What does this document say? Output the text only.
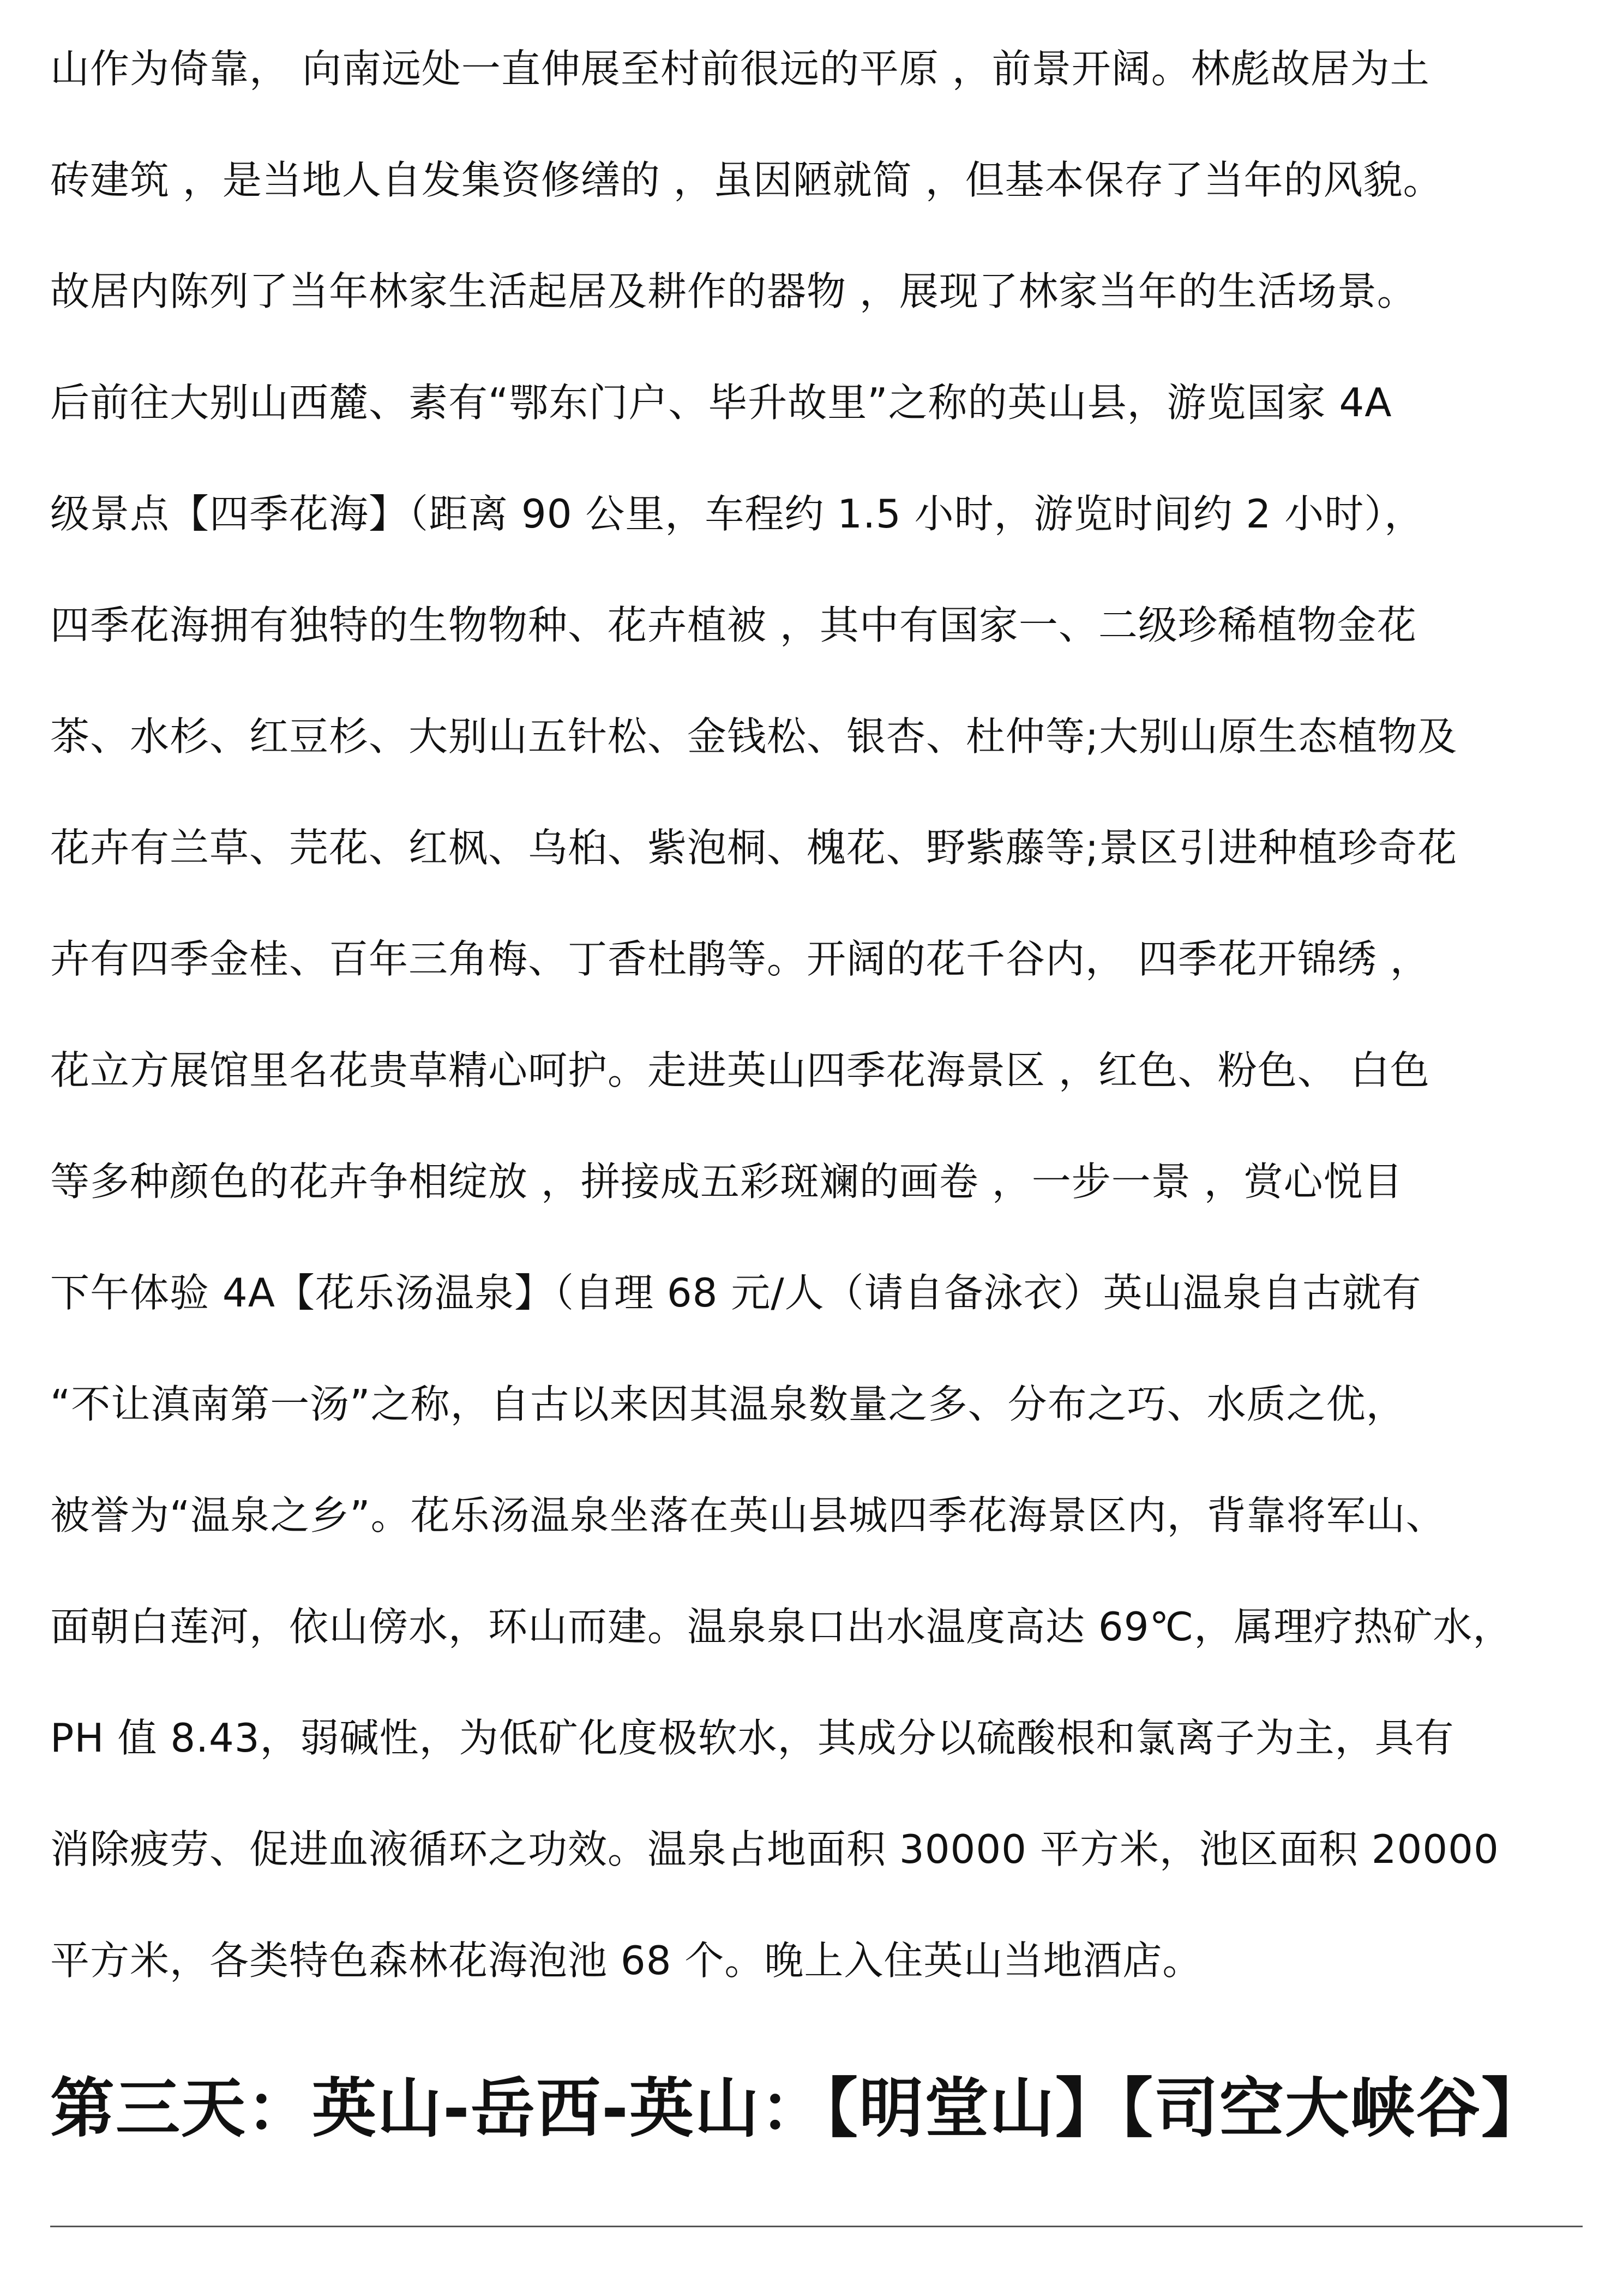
山作为倚靠， 向南远处一直伸展至村前很远的平原 ，前景开阔。林彪故居为土
砖建筑 ，是当地人自发集资修缮的 ，虽因陋就简 ，但基本保存了当年的风貌。
故居内陈列了当年林家生活起居及耕作的器物 ，展现了林家当年的生活场景。
后前往大别山西麓、素有“鄂东门户、毕升故里”之称的英山县，游览国家 4A
级景点【四季花海】（距离 90 公里，车程约 1.5 小时，游览时间约 2 小时），
四季花海拥有独特的生物物种、花卉植被 ，其中有国家一、二级珍稀植物金花
茶、水杉、红豆杉、大别山五针松、金钱松、银杏、杜仲等;大别山原生态植物及
花卉有兰草、芫花、红枫、乌桕、紫泡桐、槐花、野紫藤等;景区引进种植珍奇花
卉有四季金桂、百年三角梅、丁香杜鹃等。开阔的花千谷内， 四季花开锦绣 ，
花立方展馆里名花贵草精心呵护。走进英山四季花海景区 ，红色、粉色、 白色
等多种颜色的花卉争相绽放 ，拼接成五彩斑斓的画卷 ，一步一景 ，赏心悦目
下午体验 4A【花乐汤温泉】（自理 68 元/人（请自备泳衣）英山温泉自古就有
“不让滇南第一汤”之称，自古以来因其温泉数量之多、分布之巧、水质之优，
被誉为“温泉之乡”。花乐汤温泉坐落在英山县城四季花海景区内，背靠将军山、
面朝白莲河，依山傍水，环山而建。温泉泉口出水温度高达 69℃，属理疗热矿水，
PH 值 8.43，弱碱性，为低矿化度极软水，其成分以硫酸根和氯离子为主，具有
消除疲劳、促进血液循环之功效。温泉占地面积 30000 平方米，池区面积 20000
平方米，各类特色森林花海泡池 68 个。晚上入住英山当地酒店。
第三天：英山-岳西-英山：【明堂山】【司空大峡谷】
